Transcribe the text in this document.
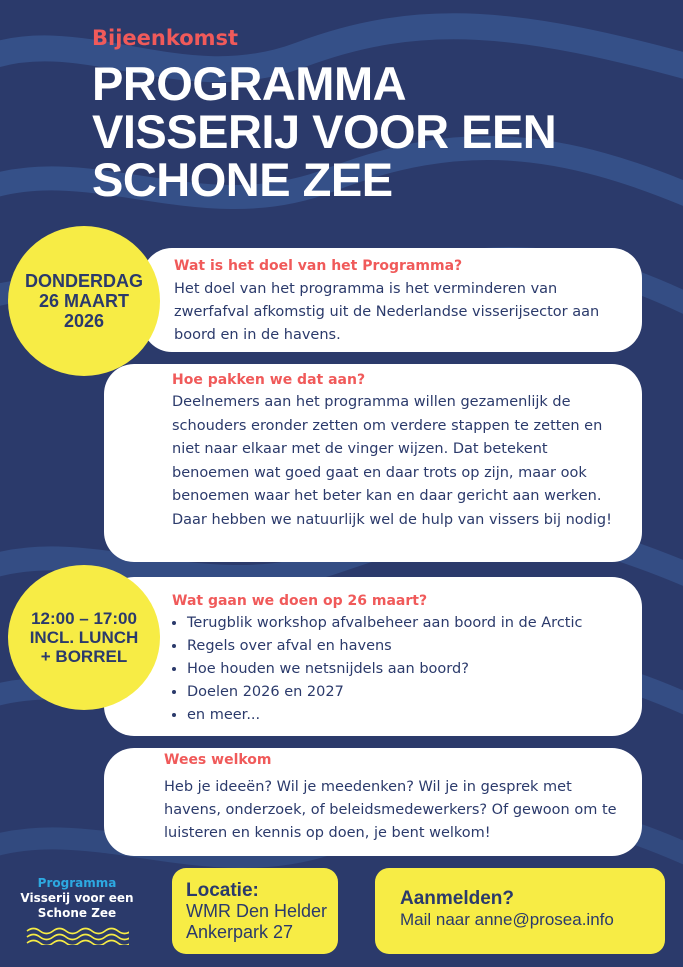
Bijeenkomst
PROGRAMMA
VISSERIJ VOOR EEN
SCHONE ZEE
Wat is het doel van het Programma?

Het doel van het programma is het verminderen van zwerfafval afkomstig uit de Nederlandse visserijsector aan boord en in de havens.

Hoe pakken we dat aan?

Deelnemers aan het programma willen gezamenlijk de schouders eronder zetten om verdere stappen te zetten en niet naar elkaar met de vinger wijzen. Dat betekent benoemen wat goed gaat en daar trots op zijn, maar ook benoemen waar het beter kan en daar gericht aan werken. Daar hebben we natuurlijk wel de hulp van vissers bij nodig!

Wat gaan we doen op 26 maart?
• Terugblik workshop afvalbeheer aan boord in de Arctic
• Regels over afval en havens
• Hoe houden we netsnijdels aan boord?
• Doelen 2026 en 2027
• en meer...
Wees welkom

Heb je ideeën? Wil je meedenken? Wil je in gesprek met havens, onderzoek, of beleidsmedewerkers? Of gewoon om te luisteren en kennis op doen, je bent welkom!

DONDERDAG
26 MAART
2026
12:00 – 17:00
INCL. LUNCH
+ BORREL
Programma
Visserij voor een
Schone Zee
Locatie:
WMR Den Helder
Ankerpark 27
Aanmelden?
Mail naar anne@prosea.info
